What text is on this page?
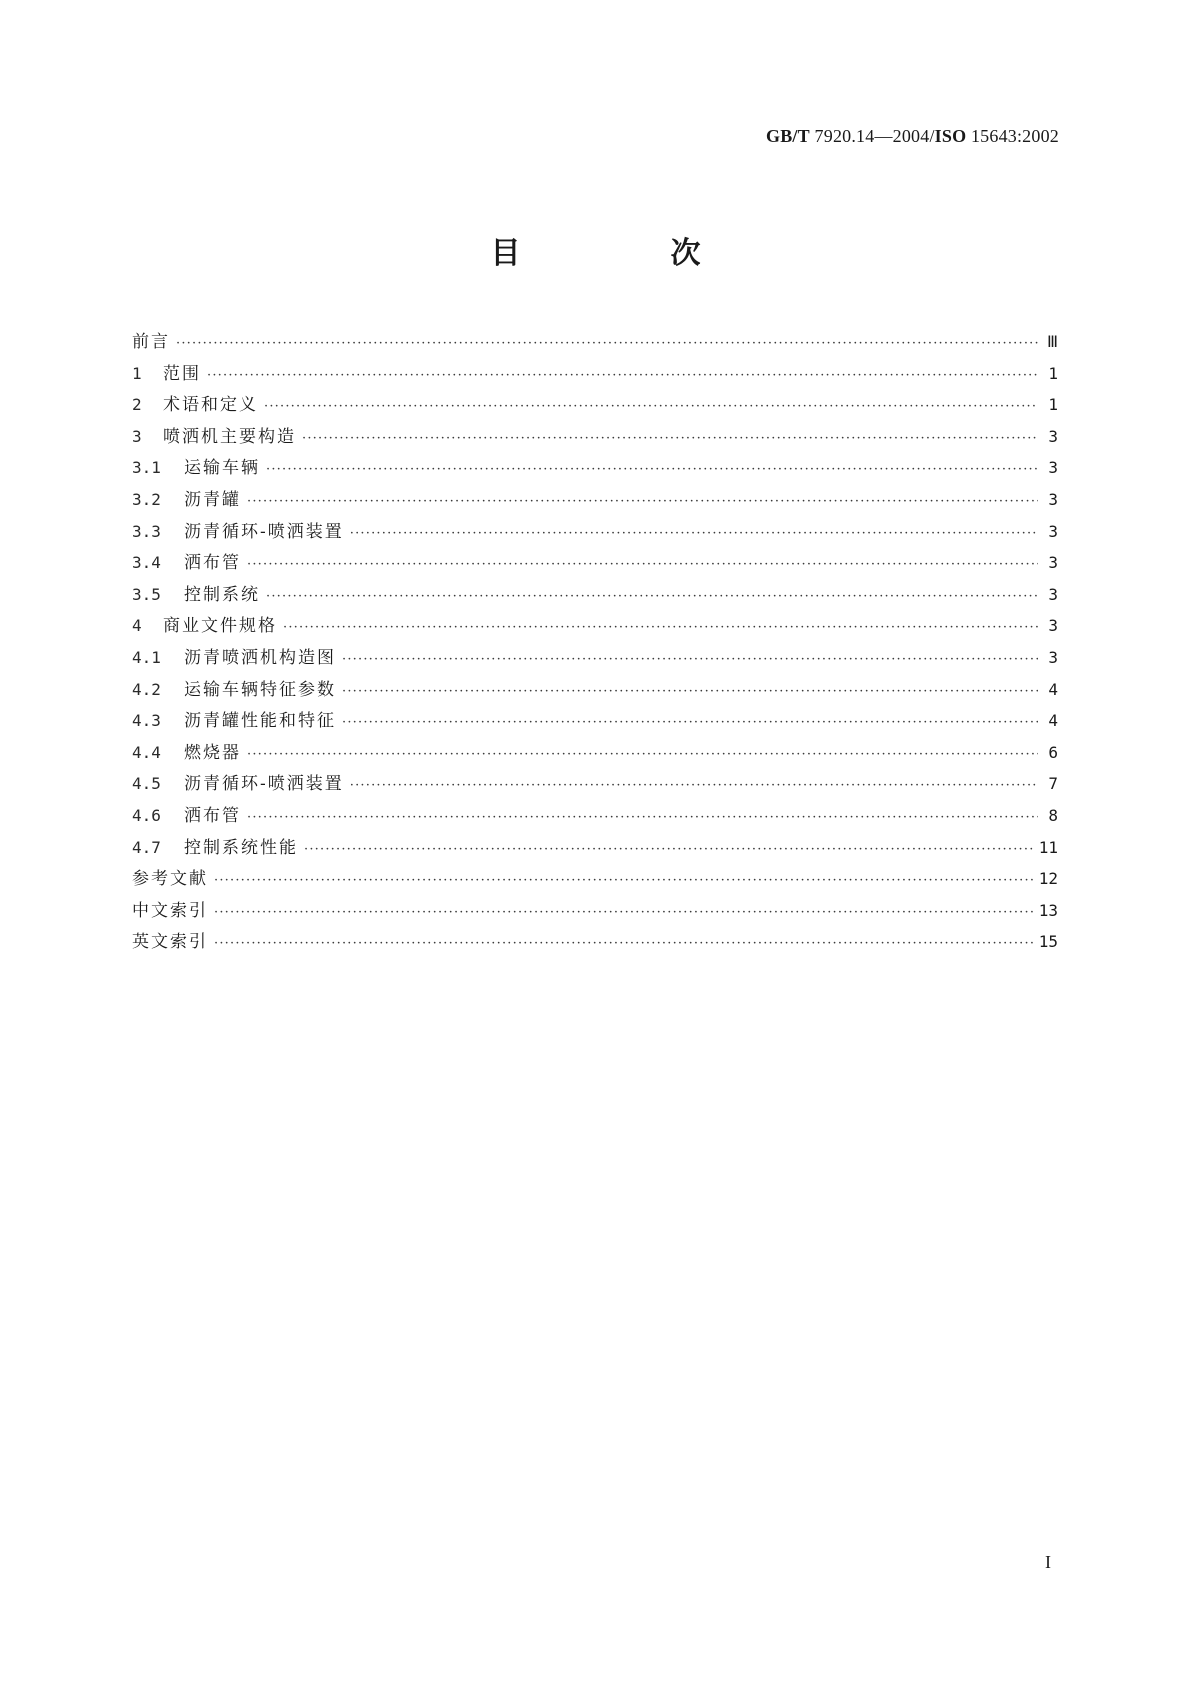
GB/T 7920.14—2004/ISO 15643:2002
目　次
前言 ·····	Ⅲ
1	范围 ·····	1
2	术语和定义 ·····	1
3	喷洒机主要构造 ·····	3
3.1	运输车辆 ·····	3
3.2	沥青罐 ·····	3
3.3	沥青循环-喷洒装置 ·····	3
3.4	洒布管 ·····	3
3.5	控制系统 ·····	3
4	商业文件规格 ·····	3
4.1	沥青喷洒机构造图 ·····	3
4.2	运输车辆特征参数 ·····	4
4.3	沥青罐性能和特征 ·····	4
4.4	燃烧器 ·····	6
4.5	沥青循环-喷洒装置 ·····	7
4.6	洒布管 ·····	8
4.7	控制系统性能 ·····	11
参考文献 ·····	12
中文索引 ·····	13
英文索引 ·····	15
I
